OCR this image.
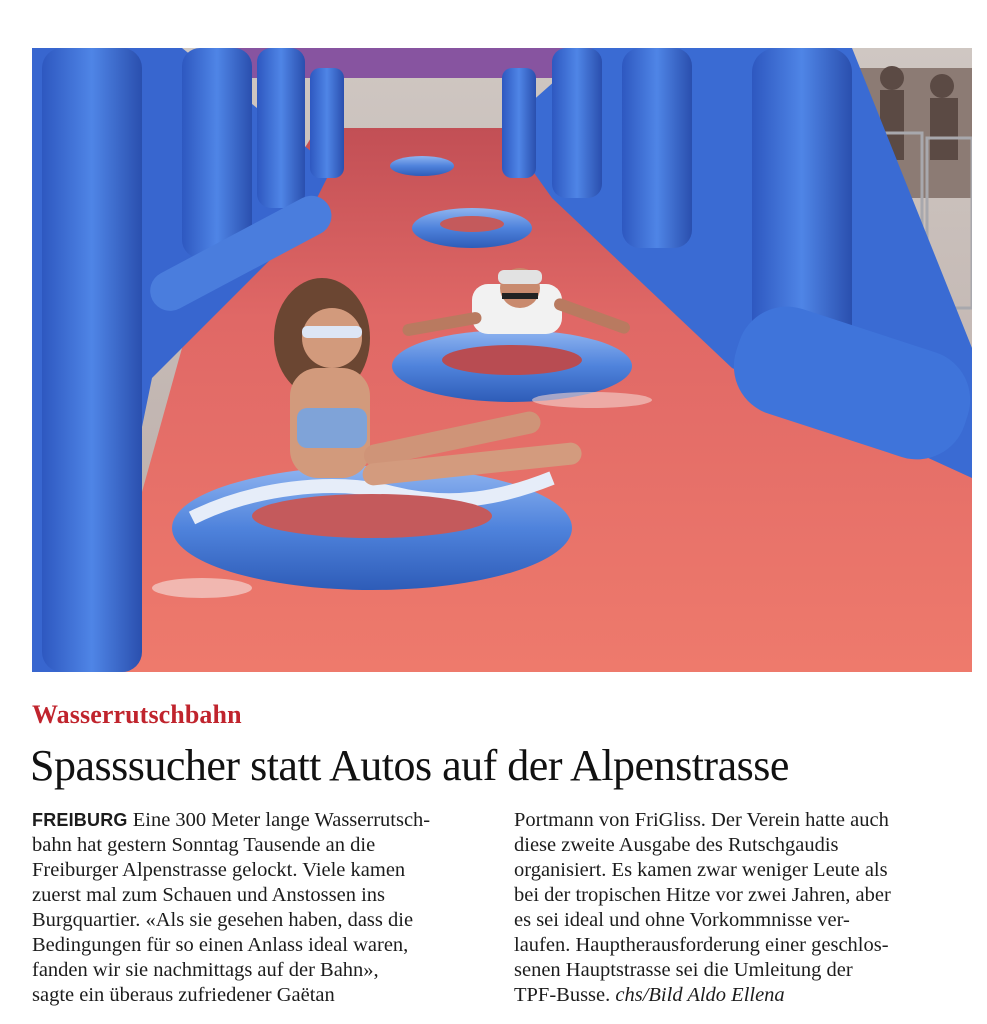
Wasserrutschbahn
Spasssucher statt Autos auf der Alpenstrasse
FREIBURG Eine 300 Meter lange Wasserrutsch-
bahn hat gestern Sonntag Tausende an die
Freiburger Alpenstrasse gelockt. Viele kamen
zuerst mal zum Schauen und Anstossen ins
Burgquartier. «Als sie gesehen haben, dass die
Bedingungen für so einen Anlass ideal waren,
fanden wir sie nachmittags auf der Bahn»,
sagte ein überaus zufriedener Gaëtan
Portmann von FriGliss. Der Verein hatte auch
diese zweite Ausgabe des Rutschgaudis
organisiert. Es kamen zwar weniger Leute als
bei der tropischen Hitze vor zwei Jahren, aber
es sei ideal und ohne Vorkommnisse ver-
laufen. Hauptherausforderung einer geschlos-
senen Hauptstrasse sei die Umleitung der
TPF-Busse. chs/Bild Aldo Ellena
